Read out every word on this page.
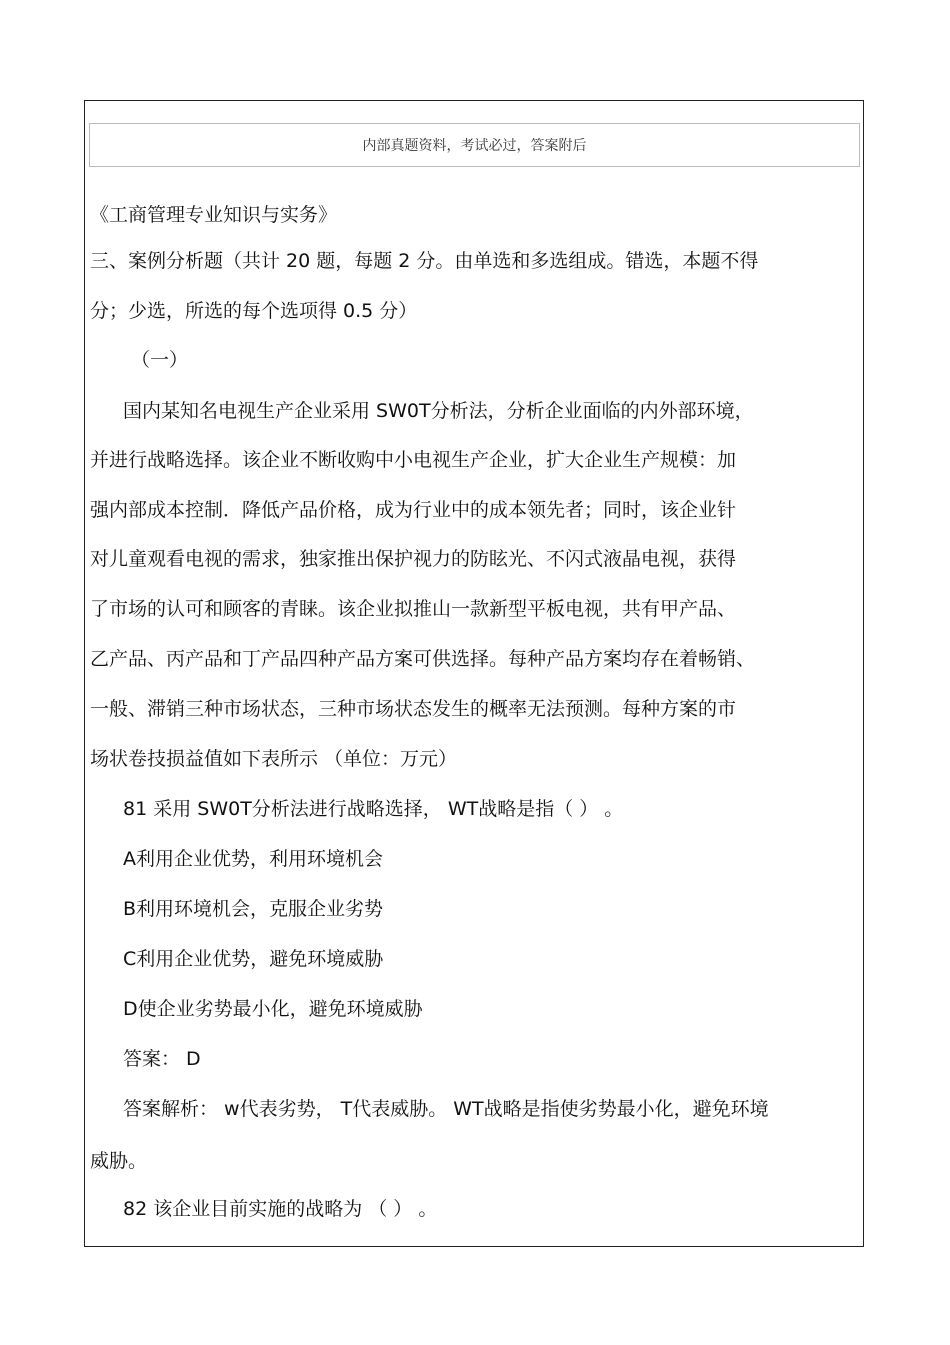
内部真题资料，考试必过，答案附后
《工商管理专业知识与实务》
三、案例分析题（共计 20 题，每题 2 分。由单选和多选组成。错选，本题不得
分；少选，所选的每个选项得 0.5 分）
（一）
国内某知名电视生产企业采用 SW0T分析法，分析企业面临的内外部环境，
并进行战略选择。该企业不断收购中小电视生产企业，扩大企业生产规模：加
强内部成本控制．降低产品价格，成为行业中的成本领先者；同时，该企业针
对儿童观看电视的需求，独家推出保护视力的防眩光、不闪式液晶电视，获得
了市场的认可和顾客的青睐。该企业拟推山一款新型平板电视，共有甲产品、
乙产品、丙产品和丁产品四种产品方案可供选择。每种产品方案均存在着畅销、
一般、滞销三种市场状态，三种市场状态发生的概率无法预测。每种方案的市
场状卷技损益值如下表所示 （单位：万元）
81 采用 SW0T分析法进行战略选择， WT战略是指（ ） 。
A利用企业优势，利用环境机会
B利用环境机会，克服企业劣势
C利用企业优势，避免环境威胁
D使企业劣势最小化，避免环境威胁
答案： D
答案解析： w代表劣势， T代表威胁。 WT战略是指使劣势最小化，避免环境
威胁。
82 该企业目前实施的战略为 （ ） 。
